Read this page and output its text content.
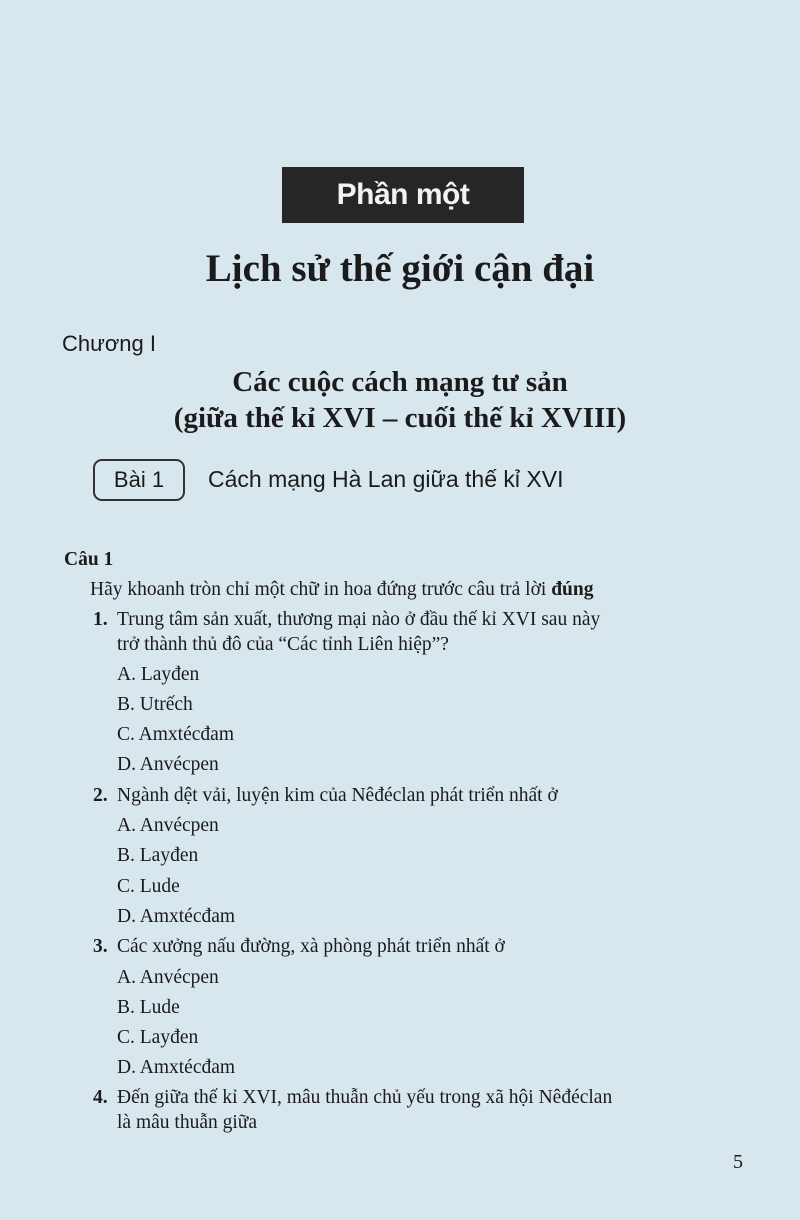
Phần một
Lịch sử thế giới cận đại
Chương I
Các cuộc cách mạng tư sản
(giữa thế kỉ XVI – cuối thế kỉ XVIII)
Bài 1 Cách mạng Hà Lan giữa thế kỉ XVI
Câu 1
Hãy khoanh tròn chỉ một chữ in hoa đứng trước câu trả lời đúng
1. Trung tâm sản xuất, thương mại nào ở đầu thế kỉ XVI sau này
trở thành thủ đô của “Các tỉnh Liên hiệp”?
A. Layđen
B. Utrếch
C. Amxtécđam
D. Anvécpen
2. Ngành dệt vải, luyện kim của Nêđéclan phát triển nhất ở
A. Anvécpen
B. Layđen
C. Lude
D. Amxtécđam
3. Các xưởng nấu đường, xà phòng phát triển nhất ở
A. Anvécpen
B. Lude
C. Layđen
D. Amxtécđam
4. Đến giữa thế kỉ XVI, mâu thuẫn chủ yếu trong xã hội Nêđéclan
là mâu thuẫn giữa
5
